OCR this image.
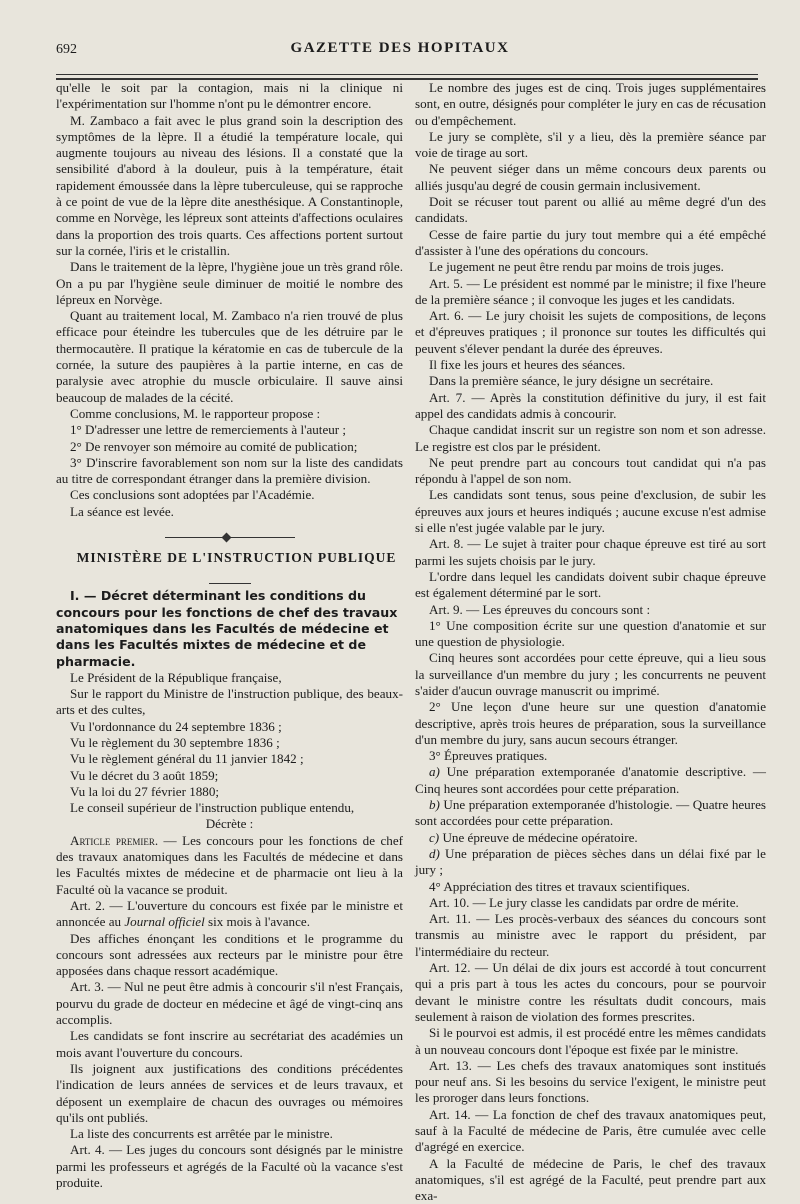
692	GAZETTE DES HOPITAUX

qu'elle le soit par la contagion, mais ni la clinique ni l'expérimentation sur l'homme n'ont pu le démontrer encore.

M. Zambaco a fait avec le plus grand soin la description des symptômes de la lèpre. Il a étudié la température locale, qui augmente toujours au niveau des lésions. Il a constaté que la sensibilité d'abord à la douleur, puis à la température, était rapidement émoussée dans la lèpre tuberculeuse, qui se rapproche à ce point de vue de la lèpre dite anesthésique. A Constantinople, comme en Norvège, les lépreux sont atteints d'affections oculaires dans la proportion des trois quarts. Ces affections portent surtout sur la cornée, l'iris et le cristallin.

Dans le traitement de la lèpre, l'hygiène joue un très grand rôle. On a pu par l'hygiène seule diminuer de moitié le nombre des lépreux en Norvège.

Quant au traitement local, M. Zambaco n'a rien trouvé de plus efficace pour éteindre les tubercules que de les détruire par le thermocautère. Il pratique la kératomie en cas de tubercule de la cornée, la suture des paupières à la partie interne, en cas de paralysie avec atrophie du muscle orbiculaire. Il sauve ainsi beaucoup de malades de la cécité.

Comme conclusions, M. le rapporteur propose :

1° D'adresser une lettre de remerciements à l'auteur ;

2° De renvoyer son mémoire au comité de publication;

3° D'inscrire favorablement son nom sur la liste des candidats au titre de correspondant étranger dans la première division.

Ces conclusions sont adoptées par l'Académie.

La séance est levée.

MINISTÈRE DE L'INSTRUCTION PUBLIQUE

I. — Décret déterminant les conditions du concours pour les fonctions de chef des travaux anatomiques dans les Facultés de médecine et dans les Facultés mixtes de médecine et de pharmacie.

Le Président de la République française,

Sur le rapport du Ministre de l'instruction publique, des beaux-arts et des cultes,

Vu l'ordonnance du 24 septembre 1836 ;

Vu le règlement du 30 septembre 1836 ;

Vu le règlement général du 11 janvier 1842 ;

Vu le décret du 3 août 1859;

Vu la loi du 27 février 1880;

Le conseil supérieur de l'instruction publique entendu,

Décrète :

Article premier. — Les concours pour les fonctions de chef des travaux anatomiques dans les Facultés de médecine et dans les Facultés mixtes de médecine et de pharmacie ont lieu à la Faculté où la vacance se produit.

Art. 2. — L'ouverture du concours est fixée par le ministre et annoncée au Journal officiel six mois à l'avance.

Des affiches énonçant les conditions et le programme du concours sont adressées aux recteurs par le ministre pour être apposées dans chaque ressort académique.

Art. 3. — Nul ne peut être admis à concourir s'il n'est Français, pourvu du grade de docteur en médecine et âgé de vingt-cinq ans accomplis.

Les candidats se font inscrire au secrétariat des académies un mois avant l'ouverture du concours.

Ils joignent aux justifications des conditions précédentes l'indication de leurs années de services et de leurs travaux, et déposent un exemplaire de chacun des ouvrages ou mémoires qu'ils ont publiés.

La liste des concurrents est arrêtée par le ministre.

Art. 4. — Les juges du concours sont désignés par le ministre parmi les professeurs et agrégés de la Faculté où la vacance s'est produite.

Le nombre des juges est de cinq. Trois juges supplémentaires sont, en outre, désignés pour compléter le jury en cas de récusation ou d'empêchement.

Le jury se complète, s'il y a lieu, dès la première séance par voie de tirage au sort.

Ne peuvent siéger dans un même concours deux parents ou alliés jusqu'au degré de cousin germain inclusivement.

Doit se récuser tout parent ou allié au même degré d'un des candidats.

Cesse de faire partie du jury tout membre qui a été empêché d'assister à l'une des opérations du concours.

Le jugement ne peut être rendu par moins de trois juges.

Art. 5. — Le président est nommé par le ministre; il fixe l'heure de la première séance ; il convoque les juges et les candidats.

Art. 6. — Le jury choisit les sujets de compositions, de leçons et d'épreuves pratiques ; il prononce sur toutes les difficultés qui peuvent s'élever pendant la durée des épreuves.

Il fixe les jours et heures des séances.

Dans la première séance, le jury désigne un secrétaire.

Art. 7. — Après la constitution définitive du jury, il est fait appel des candidats admis à concourir.

Chaque candidat inscrit sur un registre son nom et son adresse. Le registre est clos par le président.

Ne peut prendre part au concours tout candidat qui n'a pas répondu à l'appel de son nom.

Les candidats sont tenus, sous peine d'exclusion, de subir les épreuves aux jours et heures indiqués ; aucune excuse n'est admise si elle n'est jugée valable par le jury.

Art. 8. — Le sujet à traiter pour chaque épreuve est tiré au sort parmi les sujets choisis par le jury.

L'ordre dans lequel les candidats doivent subir chaque épreuve est également déterminé par le sort.

Art. 9. — Les épreuves du concours sont :

1° Une composition écrite sur une question d'anatomie et sur une question de physiologie.

Cinq heures sont accordées pour cette épreuve, qui a lieu sous la surveillance d'un membre du jury ; les concurrents ne peuvent s'aider d'aucun ouvrage manuscrit ou imprimé.

2° Une leçon d'une heure sur une question d'anatomie descriptive, après trois heures de préparation, sous la surveillance d'un membre du jury, sans aucun secours étranger.

3° Épreuves pratiques.

a) Une préparation extemporanée d'anatomie descriptive. — Cinq heures sont accordées pour cette préparation.

b) Une préparation extemporanée d'histologie. — Quatre heures sont accordées pour cette préparation.

c) Une épreuve de médecine opératoire.

d) Une préparation de pièces sèches dans un délai fixé par le jury ;

4° Appréciation des titres et travaux scientifiques.

Art. 10. — Le jury classe les candidats par ordre de mérite.

Art. 11. — Les procès-verbaux des séances du concours sont transmis au ministre avec le rapport du président, par l'intermédiaire du recteur.

Art. 12. — Un délai de dix jours est accordé à tout concurrent qui a pris part à tous les actes du concours, pour se pourvoir devant le ministre contre les résultats dudit concours, mais seulement à raison de violation des formes prescrites.

Si le pourvoi est admis, il est procédé entre les mêmes candidats à un nouveau concours dont l'époque est fixée par le ministre.

Art. 13. — Les chefs des travaux anatomiques sont institués pour neuf ans. Si les besoins du service l'exigent, le ministre peut les proroger dans leurs fonctions.

Art. 14. — La fonction de chef des travaux anatomiques peut, sauf à la Faculté de médecine de Paris, être cumulée avec celle d'agrégé en exercice.

A la Faculté de médecine de Paris, le chef des travaux anatomiques, s'il est agrégé de la Faculté, peut prendre part aux exa-
